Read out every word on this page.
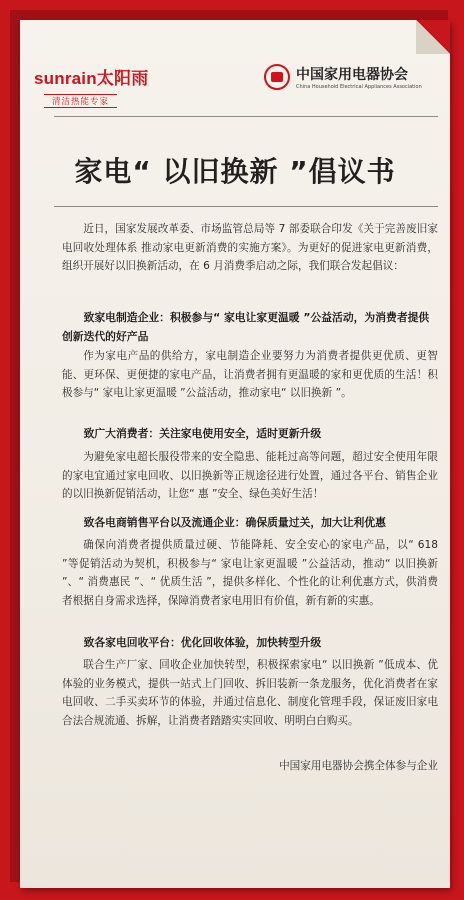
sunrain太阳雨
清洁热能专家
中国家用电器协会
China Household Electrical Appliances Association
家电“ 以旧换新 ”倡议书
近日，国家发展改革委、市场监管总局等 7 部委联合印发《关于完善废旧家电回收处理体系 推动家电更新消费的实施方案》。为更好的促进家电更新消费，组织开展好以旧换新活动，在 6 月消费季启动之际，我们联合发起倡议：
致家电制造企业：积极参与“ 家电让家更温暖 ”公益活动，为消费者提供创新迭代的好产品
作为家电产品的供给方，家电制造企业要努力为消费者提供更优质、更智能、更环保、更便捷的家电产品，让消费者拥有更温暖的家和更优质的生活！积极参与“ 家电让家更温暖 ”公益活动，推动家电“ 以旧换新 ”。
致广大消费者：关注家电使用安全，适时更新升级
为避免家电超长服役带来的安全隐患、能耗过高等问题，超过安全使用年限的家电宜通过家电回收、以旧换新等正规途径进行处置，通过各平台、销售企业的以旧换新促销活动，让您“ 惠 ”安全、绿色美好生活！
致各电商销售平台以及流通企业：确保质量过关，加大让利优惠
确保向消费者提供质量过硬、节能降耗、安全安心的家电产品，以“ 618 ”等促销活动为契机，积极参与“ 家电让家更温暖 ”公益活动，推动“ 以旧换新 ”、“ 消费惠民 ”、“ 优质生活 ”，提供多样化、个性化的让利优惠方式，供消费者根据自身需求选择，保障消费者家电用旧有价值，新有新的实惠。
致各家电回收平台：优化回收体验，加快转型升级
联合生产厂家、回收企业加快转型，积极探索家电“ 以旧换新 ”低成本、优体验的业务模式，提供一站式上门回收、拆旧装新一条龙服务，优化消费者在家电回收、二手买卖环节的体验，并通过信息化、制度化管理手段，保证废旧家电合法合规流通、拆解，让消费者踏踏实实回收、明明白白购买。
中国家用电器协会携全体参与企业
